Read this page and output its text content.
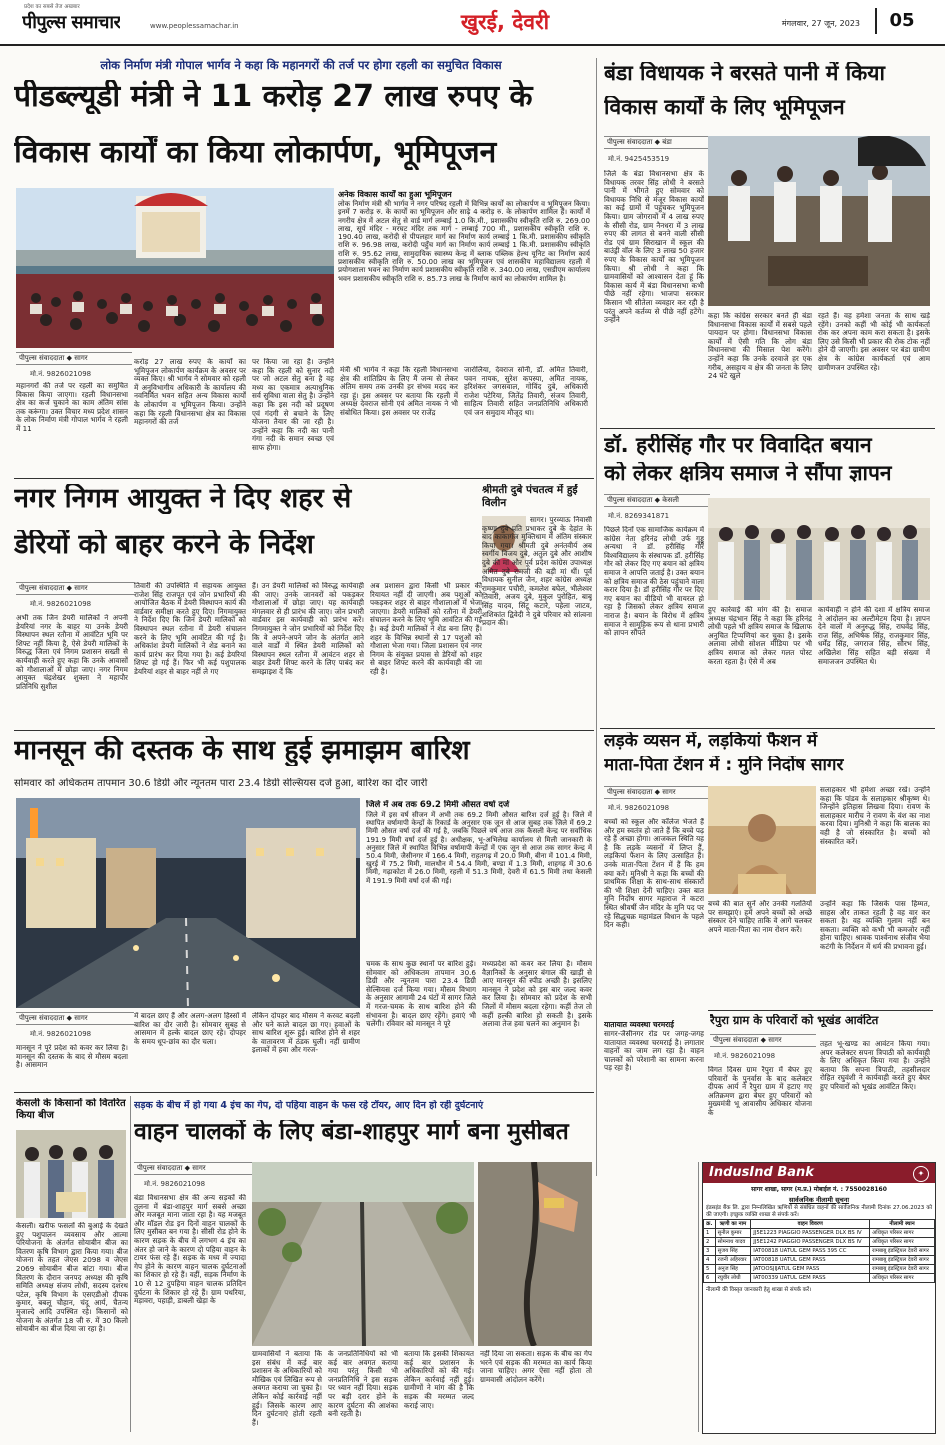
प्रदेश का सबसे तेज अखबार
पीपुल्स समाचार	www.peoplessamachar.in	खुरई, देवरी	मंगलवार, 27 जून, 2023	05
लोक निर्माण मंत्री गोपाल भार्गव ने कहा कि महानगरों की तर्ज पर होगा रहली का समुचित विकास
पीडब्ल्यूडी मंत्री ने 11 करोड़ 27 लाख रुपए के
विकास कार्यों का किया लोकार्पण, भूमिपूजन
अनेक विकास कार्यों का हुआ भूमिपूजन
लोक निर्माण मंत्री श्री भार्गव ने नगर परिषद रहली में विभिन्न कार्यों का लोकार्पण व भूमिपूजन किया। इनमें 7 करोड़ रु. के कार्यों का भूमिपूजन और साढ़े 4 करोड़ रु. के लोकार्पण शामिल हैं। कार्यों में नगरीय क्षेत्र में अटल सेतु से वार्ड मार्ग लम्बाई 1.0 कि.मी., प्रशासकीय स्वीकृति राशि रु. 269.00 लाख, सूर्य मंदिर - मरघट मंदिर तक मार्ग - लम्बाई 700 मी., प्रशासकीय स्वीकृति राशि रु. 190.40 लाख, करोदी से पीपलहार मार्ग का निर्माण कार्य लम्बाई 1 कि.मी. प्रशासकीय स्वीकृति राशि रु. 96.98 लाख, करोदी पहुँच मार्ग का निर्माण कार्य लम्बाई 1 कि.मी. प्रशासकीय स्वीकृति राशि रु. 95.62 लाख, सामुदायिक स्वास्थ्य केन्द्र में ब्लाक पब्लिक हेल्थ यूनिट का निर्माण कार्य प्रशासकीय स्वीकृति राशि रु. 50.00 लाख का भूमिपूजन एवं शासकीय महाविद्यालय रहली में प्रयोगशाला भवन का निर्माण कार्य प्रशासकीय स्वीकृति राशि रु. 340.00 लाख, एसडीएम कार्यालय भवन प्रशासकीय स्वीकृति राशि रु. 85.73 लाख के निर्माण कार्य का लोकार्पण शामिल है।
पीपुल्स संवाददाता ◆ सागर
मो.नं. 9826021098
महानगरों की तर्ज पर रहली का समुचित विकास किया जाएगा। रहली विधानसभा क्षेत्र का कर्ज चुकाने का काम अंतिम सांस तक करूंगा। उक्त विचार मध्य प्रदेश शासन के लोक निर्माण मंत्री गोपाल भार्गव ने रहली में 11
करोड़ 27 लाख रुपए के कार्यों का भूमिपूजन लोकार्पण कार्यक्रम के अवसर पर व्यक्त किए। श्री भार्गव ने सोमवार को रहली में अनुविभागीय अधिकारी के कार्यालय की नवनिर्मित भवन सहित अन्य विकास कार्यों के लोकार्पण व भूमिपूजन किया। उन्होंने कहा कि रहली विधानसभा क्षेत्र का विकास महानगरों की तर्ज
पर किया जा रहा है। उन्होंने कहा कि रहली को सुनार नदी पर जो अटल सेतु बना है वह मध्य का एकमात्र अत्याधुनिक सर्व सुविधा वाला सेतु है। उन्होंने कहा कि इस नदी को प्रदूषण एवं गंदगी से बचाने के लिए योजना तैयार की जा रही है। उन्होंने कहा कि नदी का पानी गंगा नदी के समान स्वच्छ एवं साफ होगा।
मंत्री श्री भार्गव ने कहा कि रहली विधानसभा क्षेत्र की शांतिप्रिय के लिए मैं जन्म से लेकर अंतिम समय तक उनकी हर संभव मदद कर रहा हूं। इस अवसर पर बताया कि रहली में अध्यक्ष देवराज सोनी एवं अमित नायक ने भी संबोधित किया। इस अवसर पर राजेंद्र
जारोलिया, देवराज सोनी, डॉ. अमित तिवारी, पवन नायक, सुरेश कपस्या, अमित नायक, हरिशंकर जगसवाल, गोविंद दुबे, अधिकारी राजेश पटेरिया, जितेंद्र तिवारी, संजय तिवारी, साहित्य तिवारी सहित जनप्रतिनिधि अधिकारी एवं जन समुदाय मौजूद था।
बंडा विधायक ने बरसते पानी में किया
विकास कार्यों के लिए भूमिपूजन
पीपुल्स संवाददाता ◆ बंडा
मो.नं. 9425453519
जिले के बंडा विधानसभा क्षेत्र के विधायक तरवर सिंह लोधी ने बरसते पानी में भीगते हुए सोमवार को विधायक निधि से मंजूर विकास कार्यों का कई ग्रामों में पहुंचकर भूमिपूजन किया। ग्राम जोगरावों में 4 लाख रुपए के सीसी रोड, ग्राम नैनधरा में 3 लाख रुपए की लागत से बनने वाली सीसी रोड एवं ग्राम सिराखान में स्कूल की बाउंड्री वॉल के लिए 3 लाख 50 हजार रुपए के विकास कार्यों का भूमिपूजन किया। श्री लोधी ने कहा कि ग्रामवासियों को आश्वासन देता हूं कि विकास कार्य में बंडा विधानसभा कभी पीछे नहीं रहेगा। भाजपा सरकार किसान भी सीतेला व्यवहार कर रही है परंतु अपने कर्तव्य से पीछे नहीं हटेंगे। उन्होंने	कहा कि कांग्रेस सरकार बनते ही बंडा विधानसभा विकास कार्यों में सबसे पहले पायदान पर होगा। विधानसभा विकास कार्यों में ऐसी गति कि लोग बंडा विधानसभा की मिसाल पेश करेंगे। उन्होंने कहा कि उनके दरवाजे हर एक गरीब, असहाय व क्षेत्र की जनता के लिए 24 घंटे खुले
रहते हैं। वह हमेशा जनता के साथ खड़े रहेंगे। उनको कहीं भी कोई भी कार्यकर्ता रोक कर अपना काम करा सकता है। इसके लिए उसे किसी भी प्रकार की रोक टोक नहीं होने दी जाएगी। इस अवसर पर बंडा ग्रामीण क्षेत्र के कांग्रेस कार्यकर्ता एवं आम ग्रामीणजन उपस्थित रहे।
डॉ. हरीसिंह गौर पर विवादित बयान
को लेकर क्षत्रिय समाज ने सौंपा ज्ञापन
पीपुल्स संवाददाता ◆ केसली
मो.नं. 8269341871
पिछले दिनों एक सामाजिक कार्यक्रम में कांग्रेस नेता हरिनंद्र लोधी उर्फ गुड्डू अन्यथा ने डॉ. हरीसिंह गौर विश्वविद्यालय के संस्थापक डॉ. हरीसिंह गौर को लेकर दिए गए बयान को क्षत्रिय समाज ने आपत्ति जताई है। उक्त बयान को क्षत्रिय समाज की ठेस पहुंचाने वाला करार दिया है। डॉ हरीसिंह गौर पर दिए गए बयान का वीडियो भी वायरल हो रहा है जिसको लेकर क्षत्रिय समाज नाराज है। बयान के विरोध में क्षत्रिय समाज ने सामूहिक रूप से थाना प्रभारी को ज्ञापन सौंपते
हुए कार्रवाई की मांग की है। समाज अध्यक्ष चंद्रभान सिंह ने कहा कि हरिनंद्र लोधी पहले भी क्षत्रिय समाज के खिलाफ अनुचित टिप्पणियां कर चुका है। इसके अलावा लोधी सोशल मीडिया पर भी क्षत्रिय समाज को लेकर गलत पोस्ट करता रहता है। ऐसे में अब
कार्यवाही न होने की दशा में क्षत्रिय समाज ने आंदोलन का अल्टीमेटम दिया है। ज्ञापन देने वालों में अनुरुद्ध सिंह, राघवेंद्र सिंह, राज सिंह, अभिषेक सिंह, राजकुमार सिंह, धर्मेंद्र सिंह, जगराज सिंह, सौरभ सिंह, अखिलेश सिंह सहित बड़ी संख्या में समाजजन उपस्थित थे।
नगर निगम आयुक्त ने दिए शहर से
डेरियों को बाहर करने के निर्देश
पीपुल्स संवाददाता ◆ सागर
मो.नं. 9826021098
अभी तक जिन डेयरी मालिकों ने अपनी डेयरियां नगर के बाहर या उनके डेयरी विस्थापन स्थल रतौना में आवंटित भूमि पर शिफ्ट नहीं किया है, ऐसे डेयरी मालिकों के विरुद्ध जिला एवं निगम प्रशासन सख्ती से कार्यवाही करते हुए कहा कि उनके आवासों को गौशालाओं में छोड़ा जाए। नगर निगम आयुक्त चंद्रशेखर शुक्ला ने महापौर प्रतिनिधि सुशील
तिवारी की उपस्थिति में सहायक आयुक्त राजेश सिंह राजपूत एवं जोन प्रभारियों की आयोजित बैठक में डेयरी विस्थापन कार्य की वार्डवार समीक्षा करते हुए दिए। निगमायुक्त ने निर्देश दिए कि जिन डेयरी मालिकों को विस्थापन स्थल रतौना में डेयरी संचालन करने के लिए भूमि आवंटित की गई है। अधिकांश डेयरी मालिकों ने शेड बनाने का कार्य प्रारंभ कर दिया गया है। कई डेयरियां शिफ्ट हो गई हैं। फिर भी कई पशुपालक डेयरियां शहर से बाहर नहीं ले गए
हैं। उन डेयरी मालिकों को विरुद्ध कार्यवाही की जाए। उनके जानवरों को पकड़कर गौशालाओं में छोड़ा जाए। यह कार्यवाही मंगलवार से ही प्रारंभ की जाए। जोन प्रभारी वार्डवार इस कार्यवाही को प्रारंभ करें। निगमायुक्त ने जोन प्रभारियों को निर्देश दिए कि वे अपने-अपने जोन के अंतर्गत आने वाले वार्डों में स्थित डेयरी मालिकों को विस्थापन स्थल रतौना में आवंटन शहर से बाहर डेयरी शिफ्ट करने के लिए पाबंद कर समझाइश दें कि
अब प्रशासन द्वारा किसी भी प्रकार की रियायत नहीं दी जाएगी। अब पशुओं को पकड़कर शहर से बाहर गौशालाओं में भेजा जाएगा। डेयरी मालिकों को रतौना में डेयरी संचालन करने के लिए भूमि आवंटित की गई है। कई डेयरी मालिकों ने शेड बना लिए हैं। शहर के विभिन्न स्थानों से 17 पशुओं को गौशाला भेजा गया। जिला प्रशासन एवं नगर निगम के संयुक्त प्रयास से डेरियों को शहर से बाहर शिफ्ट करने की कार्यवाही की जा रही है।
श्रीमती दुबे पंचतत्व में हुईं विलीन
सागर। पुरव्याऊ निवासी कृष्णा दुबे पति प्रभाकर दुबे के देहांत के बाद काकागंज मुक्तिधाम में अंतिम संस्कार किया गया। श्रीमती दुबे अनंतवीर्य अब स्वर्गीय विजय दुबे, अतुल दुबे और आशीष दुबे की मां और पूर्व प्रदेश कांग्रेस उपाध्यक्ष अमित दुबे रामजी की बड़ी मां थीं। पूर्व विधायक सुनील जैन, शहर कांग्रेस अध्यक्ष रामकुमार पचौरी, कमलेश बघेल, भीलेश्वर तिवारी, अजय दुबे, मुकुल पुरोहित, बाबू सिंह यादव, सिंटू कटारे, पहेला जाटव, शशिकांत द्विवेदी ने दुबे परिवार को सांत्वना प्रदान की।
लड़के व्यसन में, लड़कियां फैशन में
माता-पिता टेंशन में : मुनि निर्दोष सागर
पीपुल्स संवाददाता ◆ सागर
मो.नं. 9826021098
बच्चों को स्कूल और कॉलेज भेजते हैं और हम स्वतंत्र हो जाते हैं कि बच्चे पढ़ रहे हैं अच्छा होगा। आजकल स्थिति यह है कि लड़के व्यसनों में लिप्त हैं, लड़कियां फैशन के लिए उत्साहित हैं। उनके माता-पिता टेंशन में हैं कि हम क्या करें। मुनिश्री ने कहा कि बच्चों की प्राथमिक शिक्षा के साथ-साथ संस्कारों की भी शिक्षा देनी चाहिए। उक्त बात मुनि निर्दोष सागर महाराज ने कटरा स्थित श्रीवर्षी जैन मंदिर के मुनि पद पर रहे सिद्धचक्र महामंडल विधान के पहले दिन कही।
सलाहकार भी हमेशा अच्छा रखे। उन्होंने कहा कि पांडव के सलाहकार श्रीकृष्ण थे। जिन्होंने इतिहास लिखवा दिया। रावण के सलाहकार मारीच ने रावण के वंश का नाश करवा दिया। मुनिश्री ने कहा कि बालक का वही है जो संस्कारित है। बच्चों को संस्कारित करें।
बच्चे की बात सुनें और उनकी गलतियों पर समझाएं। हमें अपने बच्चों को अच्छे संस्कार देने चाहिए ताकि वे आगे चलकर अपने माता-पिता का नाम रोशन करें।
उन्होंने कहा कि जिसके पास हिम्मत, साहस और ताकत रहती है वह वार कर सकता है। वह व्यक्ति गुलाम नहीं बन सकता। व्यक्ति को कभी भी कमजोर नहीं होना चाहिए। श्रावक पार्श्वनाथ संजीव भैया कटंगी के निर्देशन में धर्म की प्रभावना हुई।
यातायात व्यवस्था चरमराई
सागर-जैसीनगर रोड पर जगह-जगह यातायात व्यवस्था चरमराई है। लगातार वाहनों का जाम लग रहा है। वाहन चालकों को परेशानी का सामना करना पड़ रहा है।
रैपुरा ग्राम के परिवारों को भूखंड आवंटित
पीपुल्स संवाददाता ◆ सागर
मो.नं. 9826021098
विगत दिवस ग्राम रैपुरा में बेघर हुए परिवारों के पुनर्वास के बाद कलेक्टर दीपक आर्य ने रैपुरा ग्राम में हटाए गए अतिक्रमण द्वारा बेघर हुए परिवारों को मुख्यमंत्री भू आवासीय अधिकार योजना के
तहत भू-खण्ड का आवंटन किया गया। अपर कलेक्टर सपना त्रिपाठी को कार्यवाही के लिए अधिकृत किया गया है। उन्होंने बताया कि सपना त्रिपाठी, तहसीलदार रोहित रघुवंशी ने कार्यवाही करते हुए बेघर हुए परिवारों को भूखंड आवंटित किए।
मानसून की दस्तक के साथ हुई झमाझम बारिश
सोमवार को अधिकतम तापमान 30.6 डिग्री और न्यूनतम पारा 23.4 डिग्री सेल्सियस दर्ज हुआ, बारिश का दौर जारी
जिले में अब तक 69.2 मिमी औसत वर्षा दर्ज
जिले में इस वर्ष सीजन में अभी तक 69.2 मिमी औसत बारिश दर्ज हुई है। जिले में स्थापित वर्षामापी केन्द्रों के रिकार्ड के अनुसार एक जून से आज सुबह तक जिले में 69.2 मिमी औसत वर्षा दर्ज की गई है, जबकि पिछले वर्ष आज तक कैसली केन्द्र पर सर्वाधिक 191.9 मिमी वर्षा दर्ज हुई है। अधीक्षक, भू-अभिलेख कार्यालय से मिली जानकारी के अनुसार जिले में स्थापित विभिन्न वर्षामापी केन्द्रों में एक जून से आज तक सागर केन्द्र में 50.4 मिमी, जैसीनगर में 166.4 मिमी, राहतगढ़ में 20.0 मिमी, बीना में 101.4 मिमी, खुरई में 75.2 मिमी, मालथौन में 54.4 मिमी, बण्डा में 1.3 मिमी, शाहगढ़ में 30.6 मिमी, गढ़ाकोटा में 26.0 मिमी, रहली में 51.3 मिमी, देवरी में 61.5 मिमी तथा केसली में 191.9 मिमी वर्षा दर्ज की गई।
चमक के साथ कुछ स्थानों पर बारिश हुई। सोमवार को अधिकतम तापमान 30.6 डिग्री और न्यूनतम पारा 23.4 डिग्री सेल्सियस दर्ज किया गया। मौसम विभाग के अनुसार आगामी 24 घंटों में सागर जिले में गरज-चमक के साथ बारिश होने की संभावना है। बादल छाए रहेंगे। हवाएं भी चलेंगी। रविवार को मानसून ने पूरे
मध्यप्रदेश को कवर कर लिया है। मौसम वैज्ञानिकों के अनुसार बंगाल की खाड़ी से आए मानसून की स्पीड अच्छी है। इसलिए मानसून ने प्रदेश को इस बार जल्द कवर कर लिया है। सोमवार को प्रदेश के सभी जिलों में मौसम बदला रहेगा। कहीं तेज तो कहीं हल्की बारिश हो सकती है। इसके अलावा तेज हवा चलने का अनुमान है।
पीपुल्स संवाददाता ◆ सागर
मो.नं. 9826021098
मानसून ने पूरे प्रदेश को कवर कर लिया है। मानसून की दस्तक के बाद से मौसम बदला है। आसमान
में बादल छाए हैं और अलग-अलग हिस्सों में बारिश का दौर जारी है। सोमवार सुबह से आसमान में हल्के बादल छाए रहे। दोपहर के समय धूप-छांव का दौर चला।
लेकिन दोपहर बाद मौसम ने करवट बदली और घने काले बादल छा गए। हवाओं के साथ बारिश शुरू हुई। बारिश होने से शहर के वातावरण में ठंडक घुली। नहीं ग्रामीण इलाकों में हवा और गरज-
केसली के किसानों को वितरित किया बीज
केसली। खरीफ फसलों की बुआई के देखते हुए पशुपालन व्यवसाय और आत्मा परियोजना के अंतर्गत सोयाबीन बीज का वितरण कृषि विभाग द्वारा किया गया। बीज योजना के तहत जेएस 2098 व जेएस 2069 सोयाबीन बीज बांटा गया। बीज वितरण के दौरान जनपद अध्यक्ष की कृषि समिति अध्यक्ष संजय लोधी, सदस्य दशरथ पटेल, कृषि विभाग के एसएडीओ दीपक कुमार, बबलू चौहान, चंदू आर्य, चैतन्य मुजाल्दे आदि उपस्थित रहे। किसानों को योजना के अंतर्गत 18 जी रु. में 30 किलो सोयाबीन का बीज दिया जा रहा है।
सड़क के बीच में हो गया 4 इंच का गेप, दो पहिया वाहन के फस रहे टॉयर, आए दिन हो रही दुर्घटनाएं
वाहन चालकों के लिए बंडा-शाहपुर मार्ग बना मुसीबत
पीपुल्स संवाददाता ◆ सागर
मो.नं. 9826021098
बंडा विधानसभा क्षेत्र की अन्य सड़कों की तुलना में बंडा-शाहपुर मार्ग सबसे अच्छा और मजबूत माना जाता रहा है। यह मजबूत और मॉडल रोड इन दिनों वाहन चालकों के लिए मुसीबत बन गया है। सीसी रोड होने के कारण सड़क के बीच में लगभग 4 इंच का अंतर हो जाने के कारण दो पहिया वाहन के टायर फंस रहे हैं। सड़क के मध्य में ज्यादा गेप होने के कारण वाहन चालक दुर्घटनाओं का शिकार हो रहे हैं। वहीं, सड़क निर्माण के 10 से 12 दुपहिया वाहन चालक प्रतिदिन दुर्घटना के शिकार हो रहे हैं। ग्राम पथरिया, मड़ावरा, पहाड़ी, डाबली खेड़ा के
ग्रामवासियों ने बताया कि इस संबंध में कई बार प्रशासन के अधिकारियों को मौखिक एवं लिखित रूप से अवगत कराया जा चुका है। लेकिन कोई कार्रवाई नहीं हुई। जिसके कारण आए दिन दुर्घटनाएं होती रहती हैं।
के जनप्रतिनिधियों को भी कई बार अवगत कराया गया परंतु किसी भी जनप्रतिनिधि ने इस सड़क पर ध्यान नहीं दिया। सड़क पर बड़ी दरार होने के कारण दुर्घटना की आशंका बनी रहती है।
बताया कि इसकी शिकायत कई बार प्रशासन के अधिकारियों को की गई। लेकिन कार्रवाई नहीं हुई। ग्रामीणों ने मांग की है कि सड़क की मरम्मत जल्द कराई जाए।
नहीं दिया जा सकता। सड़क के बीच का गेप भरने एवं सड़क की मरम्मत का कार्य किया जाना चाहिए। अगर ऐसा नहीं होता तो ग्रामवासी आंदोलन करेंगे।
IndusInd Bank	✦
सागर शाखा, सागर (म.प्र.) मोबाईल नं. : 7550028160
सार्वजनिक नीलामी सूचना
इंडसइंड बैंक लि. द्वारा निम्नलिखित ऋणियों से संबंधित वाहनों की सार्वजनिक नीलामी दिनांक 27.06.2023 को की जाएगी। इच्छुक व्यक्ति शाखा से संपर्क करें।
क्र.	ऋणी का नाम	वाहन विवरण	नीलामी स्थान
1	सुनील कुमार	JJ5E1223 PIAGGIO PASSENGER DLX BS IV	अधिकृत परिसर सागर
2	सोमनाथ यादव	JJ5E1242 PIAGGIO PASSENGER DLX BS IV	अधिकृत परिसर सागर
3	सुजय सिंह	IAT00818 UATUL GEM PASS 395 CC	रामबाबू इंडस्ट्रियल देवरी सागर
4	रजनी अहिरवार	IAT00818 UATUL GEM PASS	रामबाबू इंडस्ट्रियल देवरी सागर
5	अनुज सिंह	JATOOSJIJATUL GEM PASS	रामबाबू इंडस्ट्रियल देवरी सागर
6	रघुवीर लोधी	IAT00339 UATUL GEM PASS	अधिकृत परिसर सागर
नीलामी की विस्तृत जानकारी हेतु शाखा से संपर्क करें।
